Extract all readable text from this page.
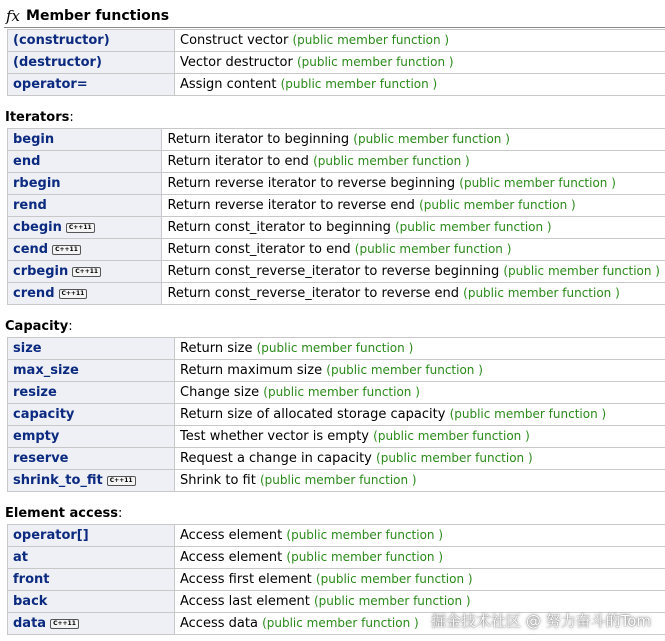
fx Member functions
(constructor)	Construct vector (public member function )
(destructor)	Vector destructor (public member function )
operator=	Assign content (public member function )
Iterators:
begin	Return iterator to beginning (public member function )
end	Return iterator to end (public member function )
rbegin	Return reverse iterator to reverse beginning (public member function )
rend	Return reverse iterator to reverse end (public member function )
cbegin C++11	Return const_iterator to beginning (public member function )
cend C++11	Return const_iterator to end (public member function )
crbegin C++11	Return const_reverse_iterator to reverse beginning (public member function )
crend C++11	Return const_reverse_iterator to reverse end (public member function )
Capacity:
size	Return size (public member function )
max_size	Return maximum size (public member function )
resize	Change size (public member function )
capacity	Return size of allocated storage capacity (public member function )
empty	Test whether vector is empty (public member function )
reserve	Request a change in capacity (public member function )
shrink_to_fit C++11	Shrink to fit (public member function )
Element access:
operator[]	Access element (public member function )
at	Access element (public member function )
front	Access first element (public member function )
back	Access last element (public member function )
data C++11	Access data (public member function ) 掘金技术社区 @ 努力奋斗的Tom
